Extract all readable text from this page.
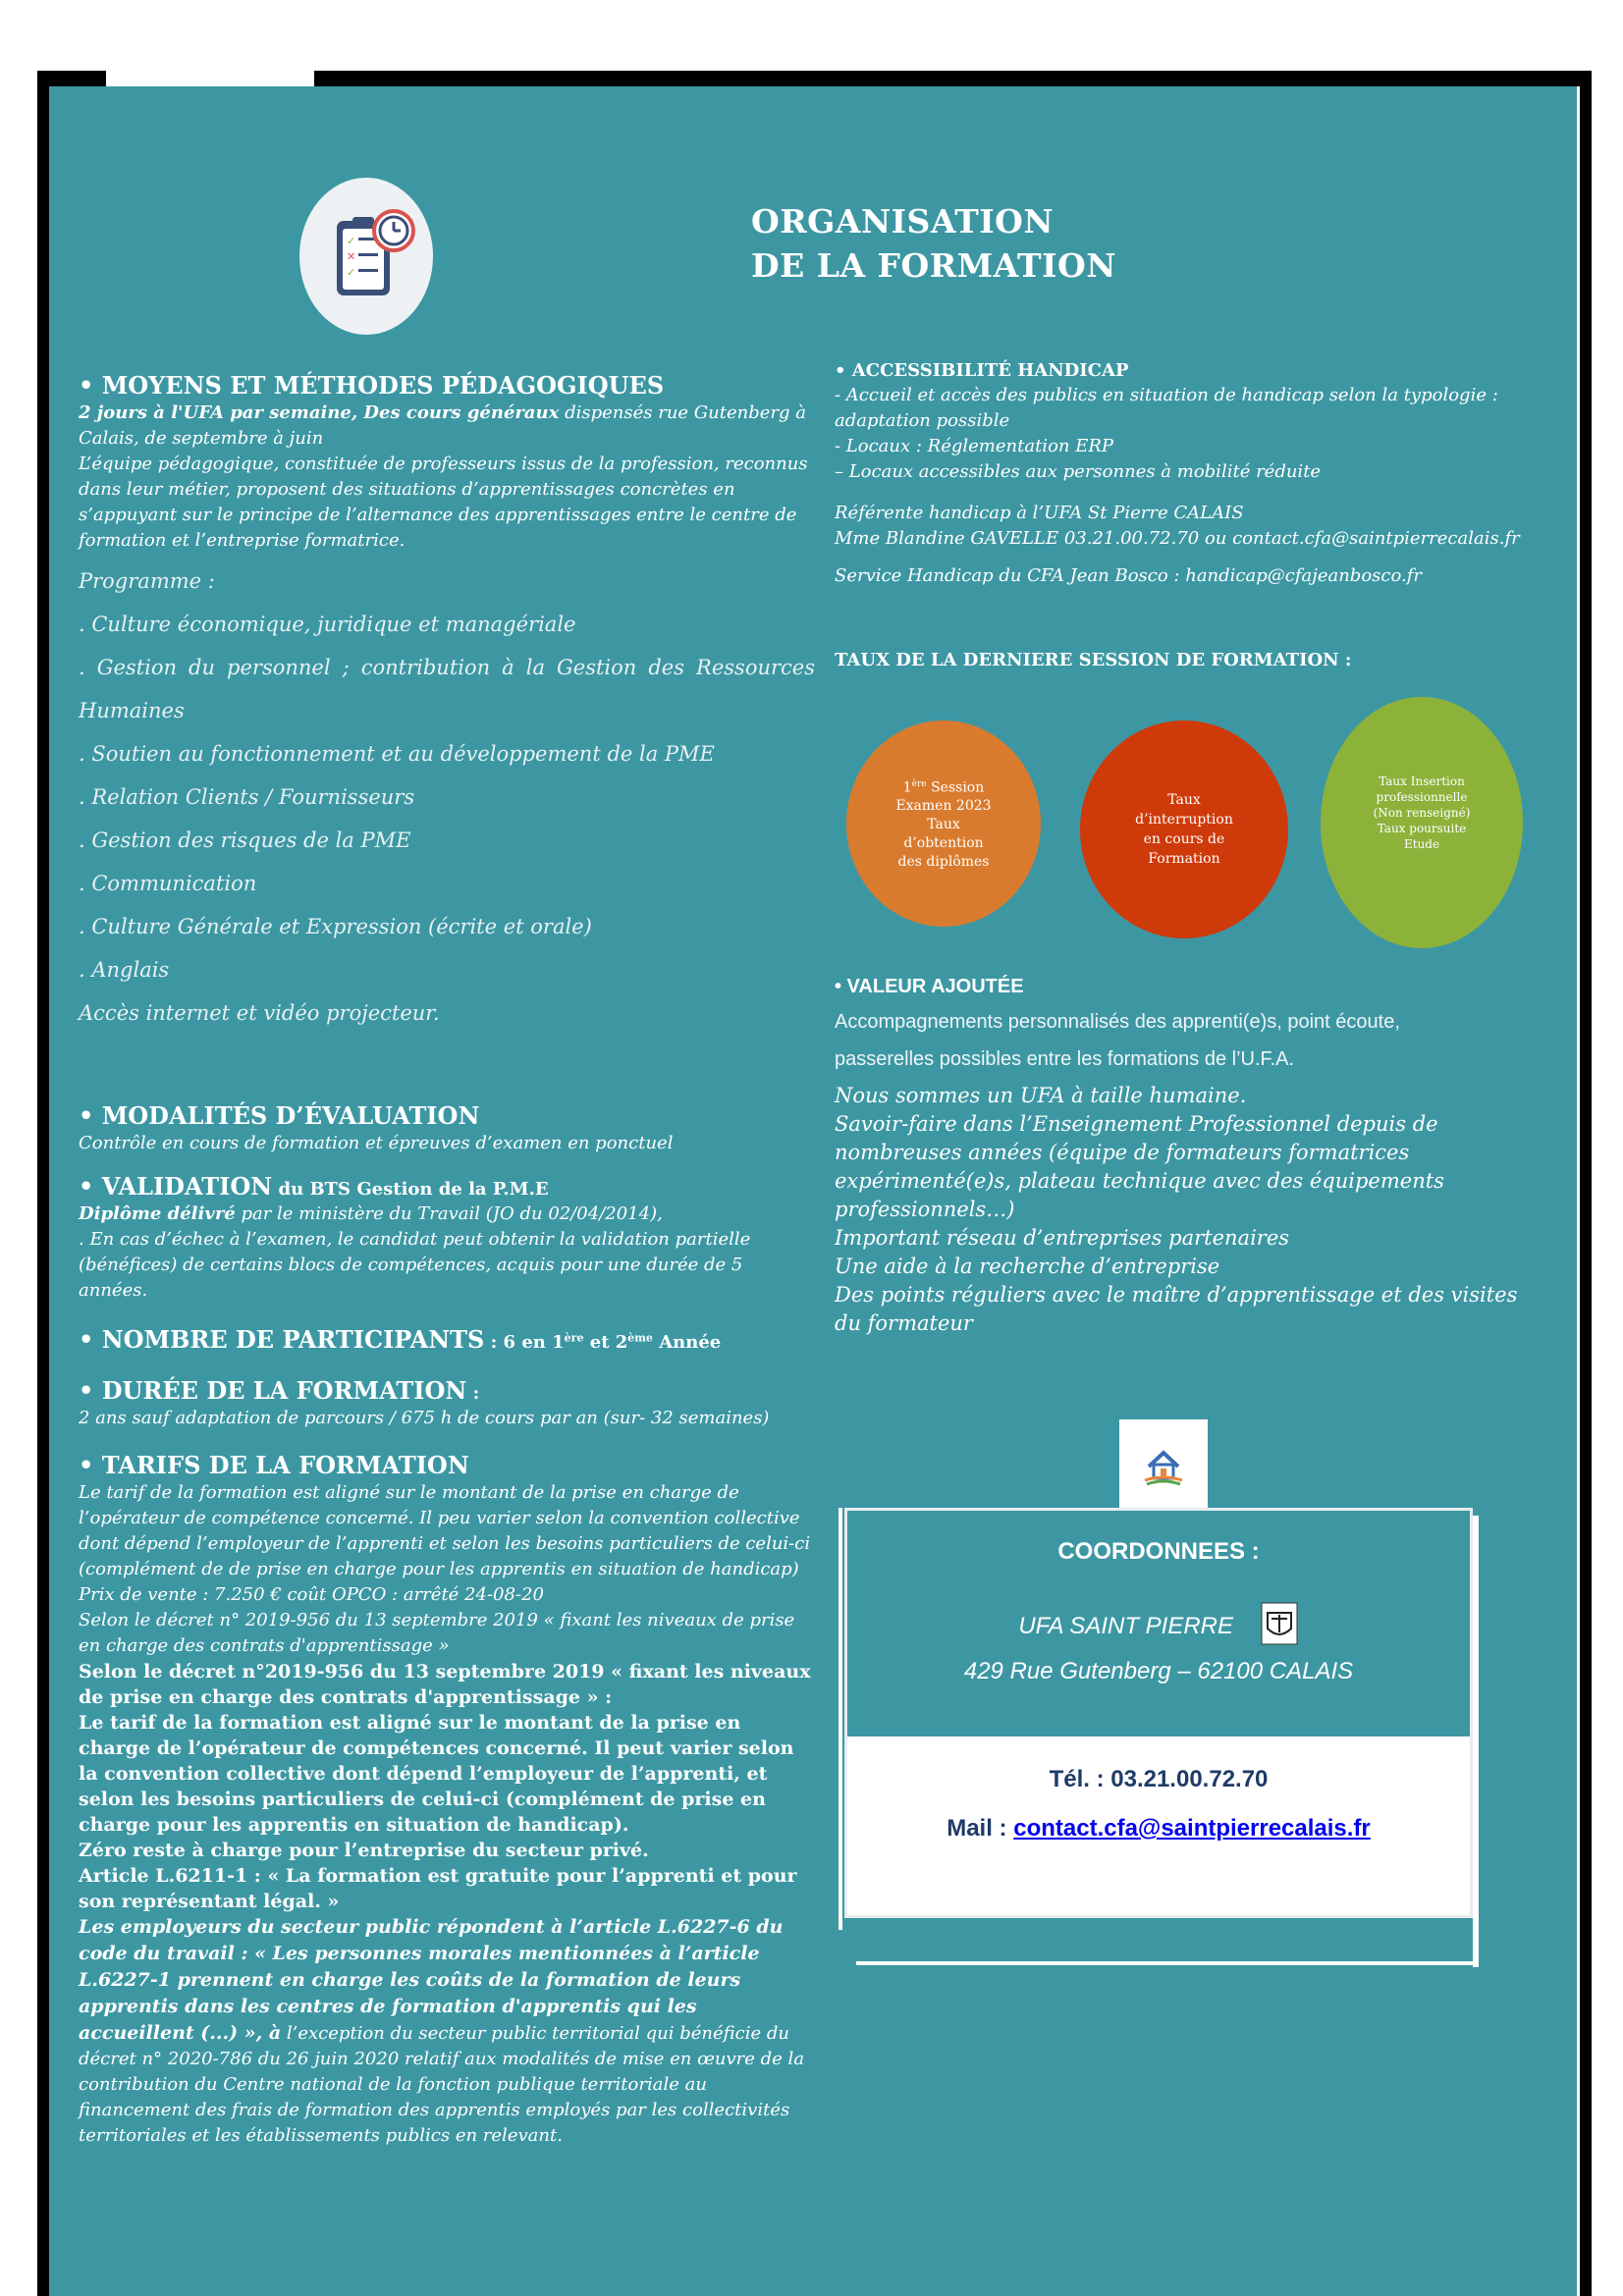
✓
✕
✓
ORGANISATION
DE LA FORMATION
• MOYENS ET MÉTHODES PÉDAGOGIQUES
2 jours à l'UFA par semaine, Des cours généraux dispensés rue Gutenberg à Calais, de septembre à juin
L’équipe pédagogique, constituée de professeurs issus de la profession, reconnus dans leur métier, proposent des situations d’apprentissages concrètes en s’appuyant sur le principe de l’alternance des apprentissages entre le centre de formation et l’entreprise formatrice.
Programme :
. Culture économique, juridique et managériale
. Gestion du personnel ; contribution à la Gestion des Ressources
Humaines
. Soutien au fonctionnement et au développement de la PME
. Relation Clients / Fournisseurs
. Gestion des risques de la PME
. Communication
. Culture Générale et Expression (écrite et orale)
. Anglais
Accès internet et vidéo projecteur.
• MODALITÉS D’ÉVALUATION
Contrôle en cours de formation et épreuves d’examen en ponctuel
• VALIDATION du BTS Gestion de la P.M.E
Diplôme délivré par le ministère du Travail (JO du 02/04/2014),
. En cas d’échec à l’examen, le candidat peut obtenir la validation partielle (bénéfices) de certains blocs de compétences, acquis pour une durée de 5 années.
• NOMBRE DE PARTICIPANTS : 6 en 1ère et 2ème Année
• DURÉE DE LA FORMATION :
2 ans sauf adaptation de parcours / 675 h de cours par an (sur- 32 semaines)
• TARIFS DE LA FORMATION
Le tarif de la formation est aligné sur le montant de la prise en charge de l’opérateur de compétence concerné. Il peu varier selon la convention collective dont dépend l’employeur de l’apprenti et selon les besoins particuliers de celui-ci (complément de de prise en charge pour les apprentis en situation de handicap)
Prix de vente : 7.250 € coût OPCO : arrêté 24-08-20
Selon le décret n° 2019-956 du 13 septembre 2019 « fixant les niveaux de prise en charge des contrats d'apprentissage »
Selon le décret n°2019-956 du 13 septembre 2019 « fixant les niveaux de prise en charge des contrats d'apprentissage » :
Le tarif de la formation est aligné sur le montant de la prise en charge de l’opérateur de compétences concerné. Il peut varier selon la convention collective dont dépend l’employeur de l’apprenti, et selon les besoins particuliers de celui-ci (complément de prise en charge pour les apprentis en situation de handicap).
Zéro reste à charge pour l’entreprise du secteur privé.
Article L.6211-1 : « La formation est gratuite pour l’apprenti et pour son représentant légal. »
Les employeurs du secteur public répondent à l’article L.6227-6 du code du travail : « Les personnes morales mentionnées à l’article L.6227-1 prennent en charge les coûts de la formation de leurs apprentis dans les centres de formation d'apprentis qui les accueillent (...) », à l’exception du secteur public territorial qui bénéficie du décret n° 2020-786 du 26 juin 2020 relatif aux modalités de mise en œuvre de la contribution du Centre national de la fonction publique territoriale au financement des frais de formation des apprentis employés par les collectivités territoriales et les établissements publics en relevant.
• ACCESSIBILITÉ HANDICAP
- Accueil et accès des publics en situation de handicap selon la typologie : adaptation possible
- Locaux : Réglementation ERP
– Locaux accessibles aux personnes à mobilité réduite
Référente handicap à l’UFA St Pierre CALAIS
Mme Blandine GAVELLE 03.21.00.72.70 ou contact.cfa@saintpierrecalais.fr
Service Handicap du CFA Jean Bosco : handicap@cfajeanbosco.fr
TAUX DE LA DERNIERE SESSION DE FORMATION :
1ère Session
Examen 2023
Taux
d’obtention
des diplômes
Taux
d’interruption
en cours de
Formation
Taux Insertion
professionnelle
(Non renseigné)
Taux poursuite
Etude
• VALEUR AJOUTÉE
Accompagnements personnalisés des apprenti(e)s, point écoute,
passerelles possibles entre les formations de l’U.F.A.
Nous sommes un UFA à taille humaine.
Savoir-faire dans l’Enseignement Professionnel depuis de nombreuses années (équipe de formateurs formatrices expérimenté(e)s, plateau technique avec des équipements professionnels…)
Important réseau d’entreprises partenaires
Une aide à la recherche d’entreprise
Des points réguliers avec le maître d’apprentissage et des visites du formateur
COORDONNEES :
UFA SAINT PIERRE
429 Rue Gutenberg – 62100 CALAIS
Tél. : 03.21.00.72.70
Mail : contact.cfa@saintpierrecalais.fr
